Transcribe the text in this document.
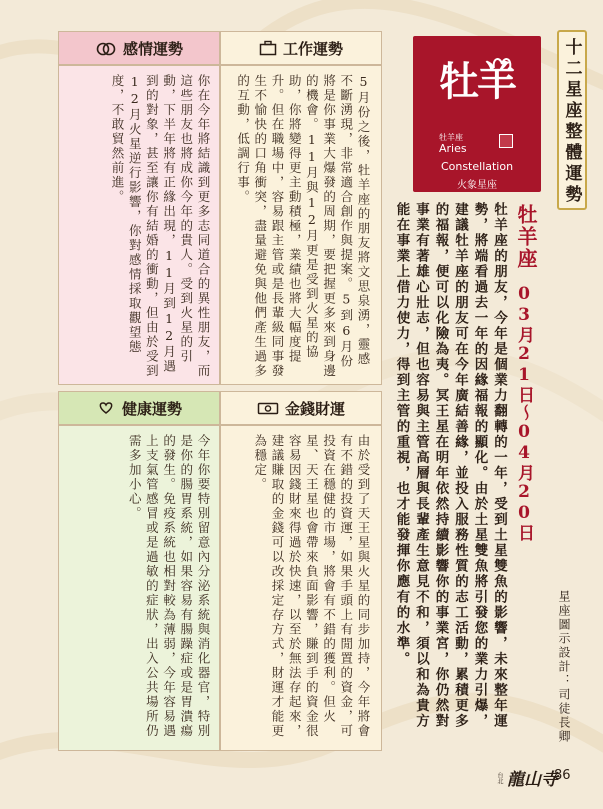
十二星座整體運勢
牡羊
牡羊座
Aries
Constellation
火象星座
牡羊座
03月21日～04月20日
牡羊座的朋友，今年是個業力翻轉的一年，受到土星雙魚的影響，未來整年運勢，將端看過去一年的因緣福報的顯化。由於土星雙魚將引發您的業力引爆，建議牡羊座的朋友可在今年廣結善緣，並投入服務性質的志工活動，累積更多的福報，便可以化險為夷。冥王星在明年依然持續影響你的事業宮，你仍然對事業有著雄心壯志，但也容易與主管高層與長輩產生意見不和，須以和為貴方能在事業上借力使力，得到主管的重視，也才能發揮你應有的水準。	星座圖示設計：司徒長卿
感情運勢	工作運勢
你在今年將結識到更多志同道合的異性朋友，而這些朋友也將成你今年的貴人。受到火星的引動，下半年將有正緣出現，11月到12月遇到的對象，甚至讓你有結婚的衝動，但由於受到12月火星逆行影響，你對感情採取觀望態度，不敢貿然前進。	5月份之後，牡羊座的朋友將文思泉湧，靈感不斷湧現，非常適合創作與提案。5到6月份將是你事業大爆發的周期，要把握更多來到身邊的機會。11月與12月更是受到火星的協助，你將變得更主動積極，業績也將大幅度提升。但在職場中，容易跟主管或是長輩級同事發生不愉快的口角衝突，盡量避免與他們產生過多的互動，低調行事。
健康運勢	金錢財運
今年你要特別留意內分泌系統與消化器官，特別是你的腸胃系統，如果容易有腸躁症或是胃潰瘍的發生。免疫系統也相對較為薄弱，今年容易遇上支氣管感冒或是過敏的症狀，出入公共場所仍需多加小心。	由於受到了天王星與火星的同步加持，今年將會有不錯的投資運，如果手頭上有閒置的資金，可投資在穩健的市場，將會有不錯的獲利。但火星、天王星也會帶來負面影響，賺到手的資金很容易因錢財來得過於快速，以至於無法存起來，建議賺取的金錢可以改採定存方式，財運才能更為穩定。
台北 龍山寺
86
